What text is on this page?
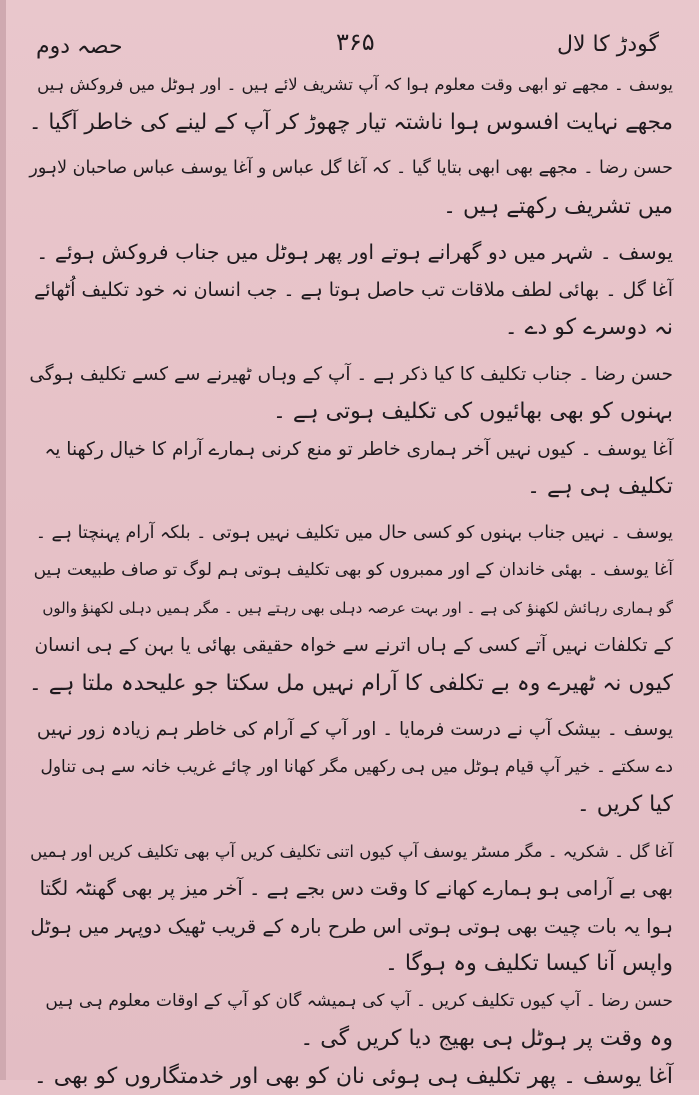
حصہ دوم	۳۶۵	گودڑ کا لال
یوسف ۔ مجھے تو ابھی وقت معلوم ہوا کہ آپ تشریف لائے ہیں ۔ اور ہوٹل میں فروکش ہیں
مجھے نہایت افسوس ہوا ناشتہ تیار چھوڑ کر آپ کے لینے کی خاطر آگیا ۔
حسن رضا ۔ مجھے بھی ابھی بتایا گیا ۔ کہ آغا گل عباس و آغا یوسف عباس صاحبان لاہور
میں تشریف رکھتے ہیں ۔
یوسف ۔ شہر میں دو گھرانے ہوتے اور پھر ہوٹل میں جناب فروکش ہوئے ۔
آغا گل ۔ بھائی لطف ملاقات تب حاصل ہوتا ہے ۔ جب انسان نہ خود تکلیف اُٹھائے
نہ دوسرے کو دے ۔
حسن رضا ۔ جناب تکلیف کا کیا ذکر ہے ۔ آپ کے وہاں ٹھیرنے سے کسے تکلیف ہوگی
بہنوں کو بھی بھائیوں کی تکلیف ہوتی ہے ۔
آغا یوسف ۔ کیوں نہیں آخر ہماری خاطر تو منع کرنی ہمارے آرام کا خیال رکھنا یہ
تکلیف ہی ہے ۔
یوسف ۔ نہیں جناب بہنوں کو کسی حال میں تکلیف نہیں ہوتی ۔ بلکہ آرام پہنچتا ہے ۔
آغا یوسف ۔ بھئی خاندان کے اور ممبروں کو بھی تکلیف ہوتی ہم لوگ تو صاف طبیعت ہیں
گو ہماری رہائش لکھنؤ کی ہے ۔ اور بہت عرصہ دہلی بھی رہتے ہیں ۔ مگر ہمیں دہلی لکھنؤ والوں
کے تکلفات نہیں آتے کسی کے ہاں اترنے سے خواہ حقیقی بھائی یا بہن کے ہی انسان
کیوں نہ ٹھیرے وہ بے تکلفی کا آرام نہیں مل سکتا جو علیحدہ ملتا ہے ۔
یوسف ۔ بیشک آپ نے درست فرمایا ۔ اور آپ کے آرام کی خاطر ہم زیادہ زور نہیں
دے سکتے ۔ خیر آپ قیام ہوٹل میں ہی رکھیں مگر کھانا اور چائے غریب خانہ سے ہی تناول
کیا کریں ۔
آغا گل ۔ شکریہ ۔ مگر مسٹر یوسف آپ کیوں اتنی تکلیف کریں آپ بھی تکلیف کریں اور ہمیں
بھی بے آرامی ہو ہمارے کھانے کا وقت دس بجے ہے ۔ آخر میز پر بھی گھنٹہ لگتا
ہوا یہ بات چیت بھی ہوتی ہوتی اس طرح بارہ کے قریب ٹھیک دوپہر میں ہوٹل
واپس آنا کیسا تکلیف وہ ہوگا ۔
حسن رضا ۔ آپ کیوں تکلیف کریں ۔ آپ کی ہمیشہ گان کو آپ کے اوقات معلوم ہی ہیں
وہ وقت پر ہوٹل ہی بھیج دیا کریں گی ۔
آغا یوسف ۔ پھر تکلیف ہی ہوئی نان کو بھی اور خدمتگاروں کو بھی ۔
